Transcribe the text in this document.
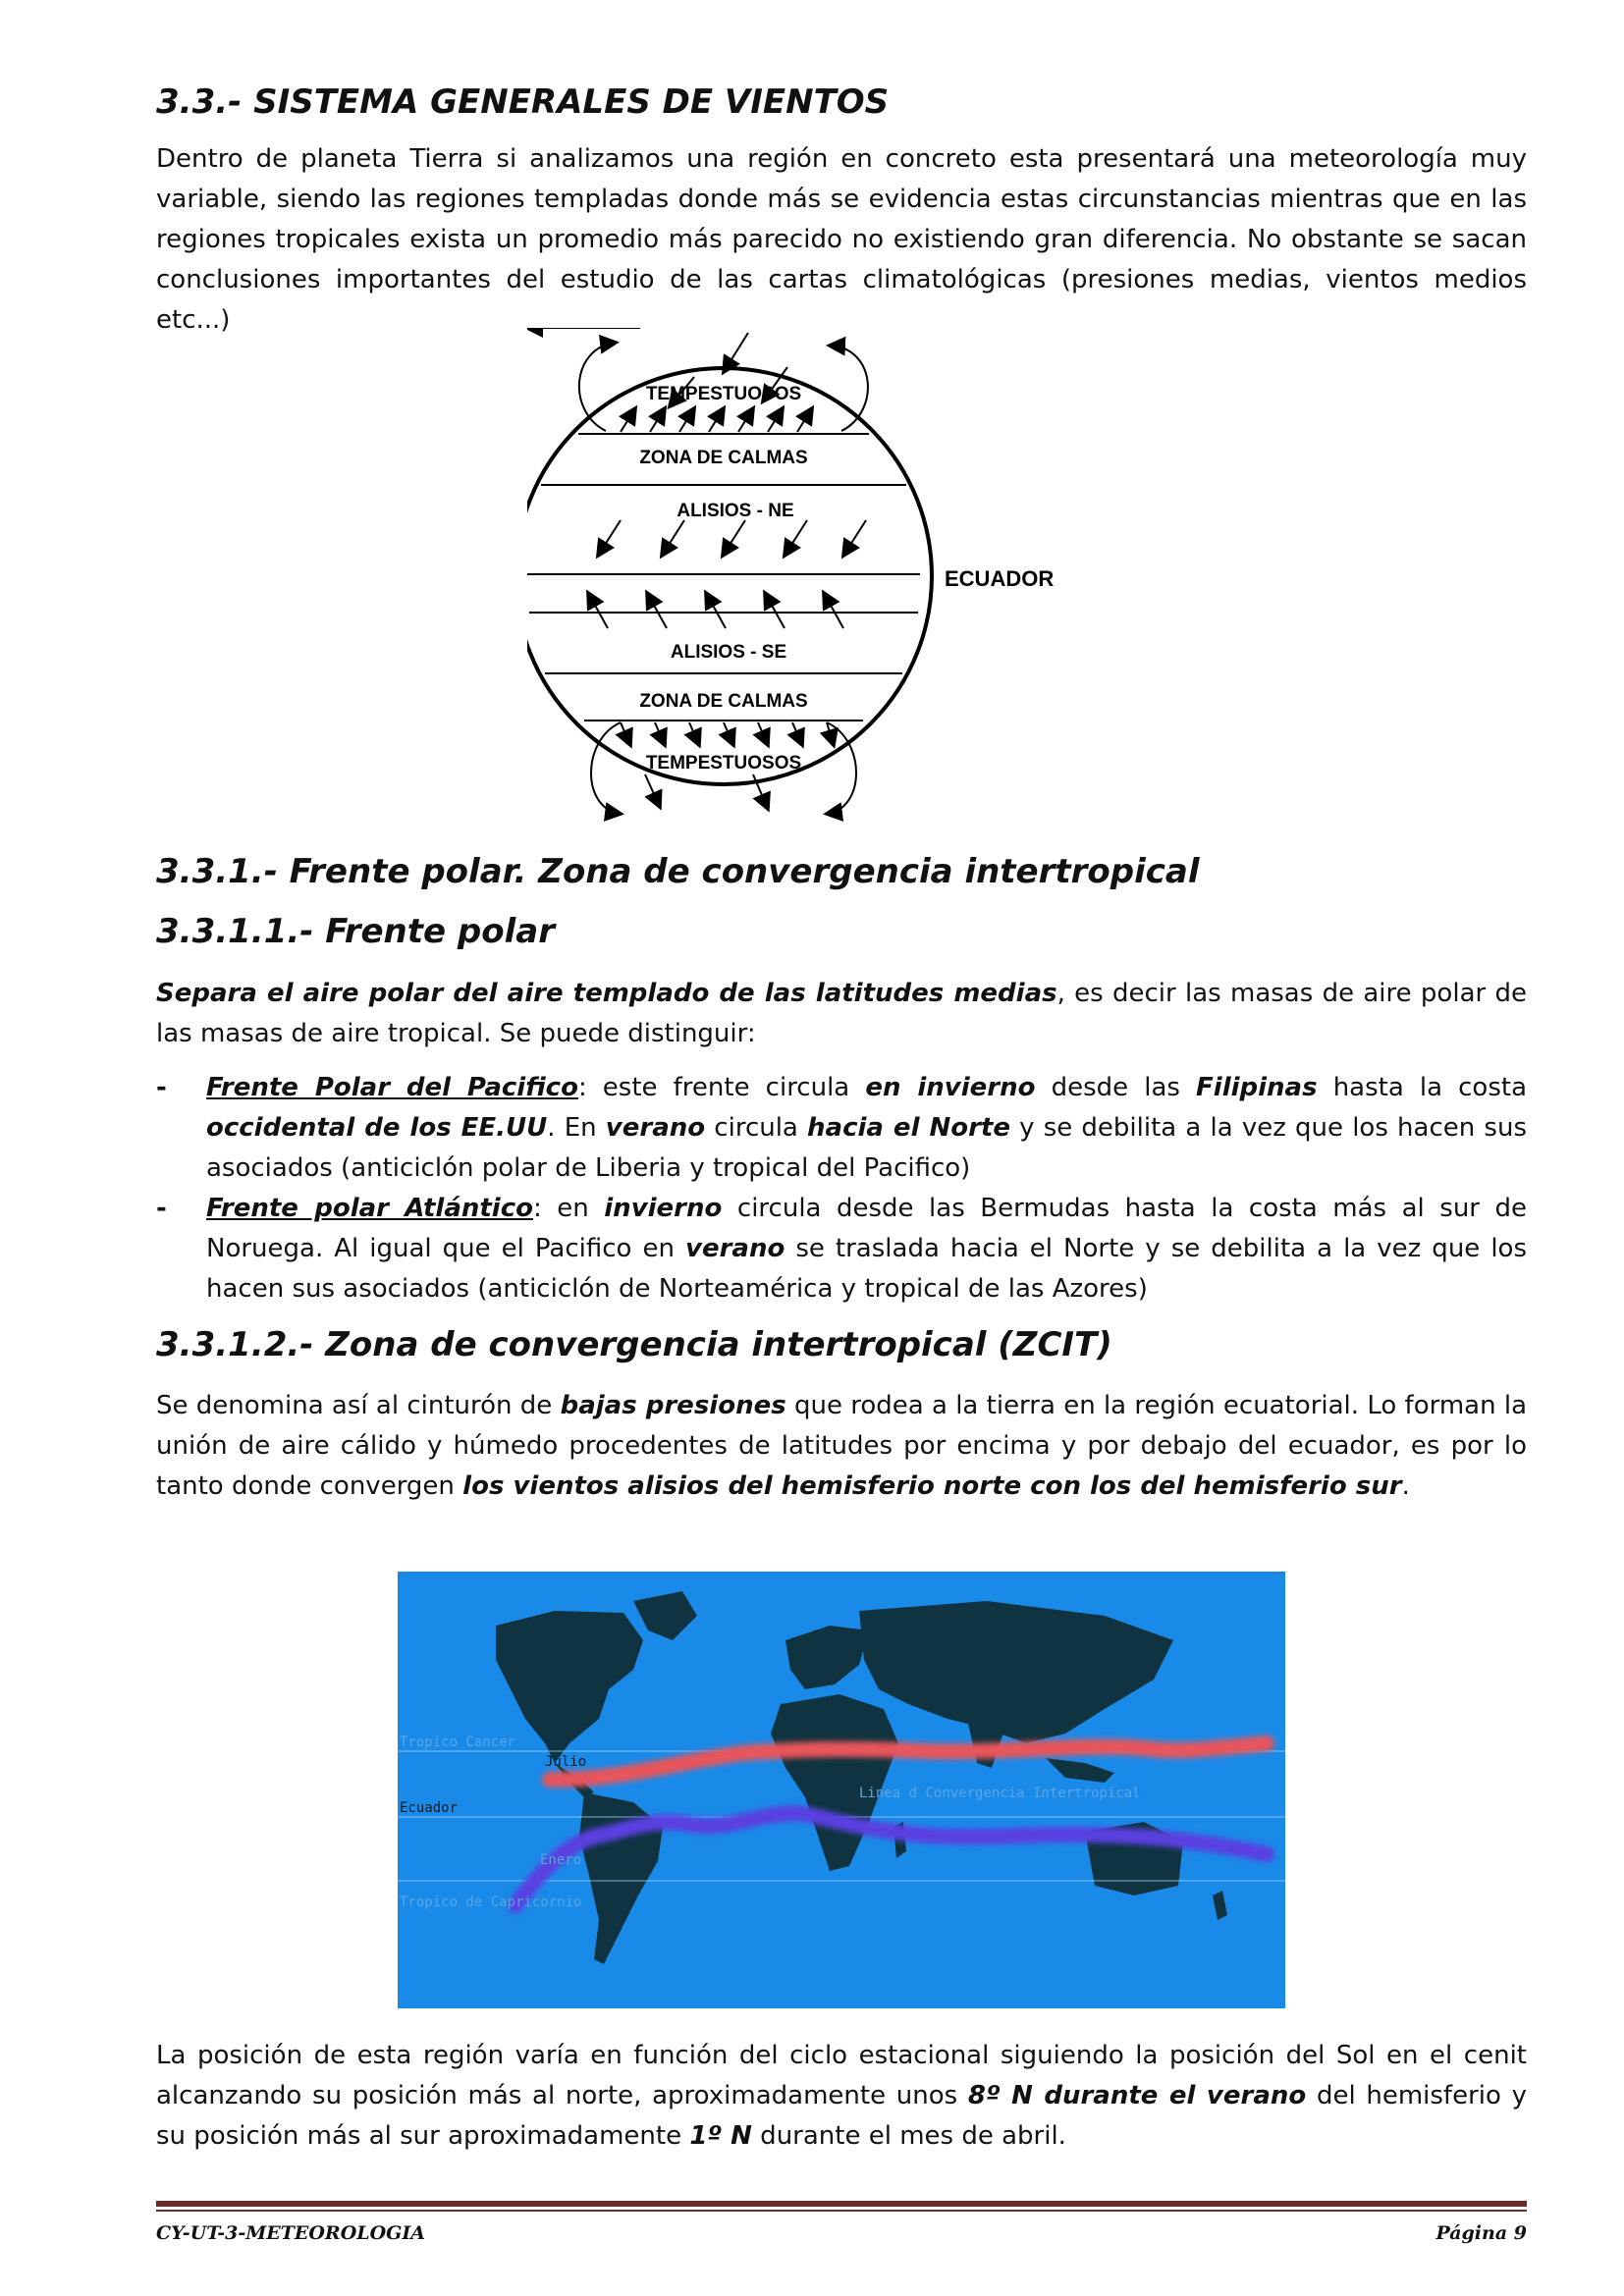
3.3.- SISTEMA GENERALES DE VIENTOS

Dentro de planeta Tierra si analizamos una región en concreto esta presentará una meteorología muy variable, siendo las regiones templadas donde más se evidencia estas circunstancias mientras que en las regiones tropicales exista un promedio más parecido no existiendo gran diferencia. No obstante se sacan conclusiones importantes del estudio de las cartas climatológicas (presiones medias, vientos medios etc...)

TEMPESTUOSOS
ZONA DE CALMAS
ALISIOS - NE
ECUADOR
ALISIOS - SE
ZONA DE CALMAS
TEMPESTUOSOS
3.3.1.- Frente polar. Zona de convergencia intertropical
3.3.1.1.- Frente polar

Separa el aire polar del aire templado de las latitudes medias, es decir las masas de aire polar de las masas de aire tropical. Se puede distinguir:

- Frente Polar del Pacifico: este frente circula en invierno desde las Filipinas hasta la costa occidental de los EE.UU. En verano circula hacia el Norte y se debilita a la vez que los hacen sus asociados (anticiclón polar de Liberia y tropical del Pacifico)
- Frente polar Atlántico: en invierno circula desde las Bermudas hasta la costa más al sur de Noruega. Al igual que el Pacifico en verano se traslada hacia el Norte y se debilita a la vez que los hacen sus asociados (anticiclón de Norteamérica y tropical de las Azores)
3.3.1.2.- Zona de convergencia intertropical (ZCIT)

Se denomina así al cinturón de bajas presiones que rodea a la tierra en la región ecuatorial. Lo forman la unión de aire cálido y húmedo procedentes de latitudes por encima y por debajo del ecuador, es por lo tanto donde convergen los vientos alisios del hemisferio norte con los del hemisferio sur.

Tropico Cancer
Julio
Ecuador
Linea d Convergencia Intertropical
Enero
Tropico de Capricornio

La posición de esta región varía en función del ciclo estacional siguiendo la posición del Sol en el cenit alcanzando su posición más al norte, aproximadamente unos 8º N durante el verano del hemisferio y su posición más al sur aproximadamente 1º N durante el mes de abril.

CY-UT-3-METEOROLOGIA	Página 9
